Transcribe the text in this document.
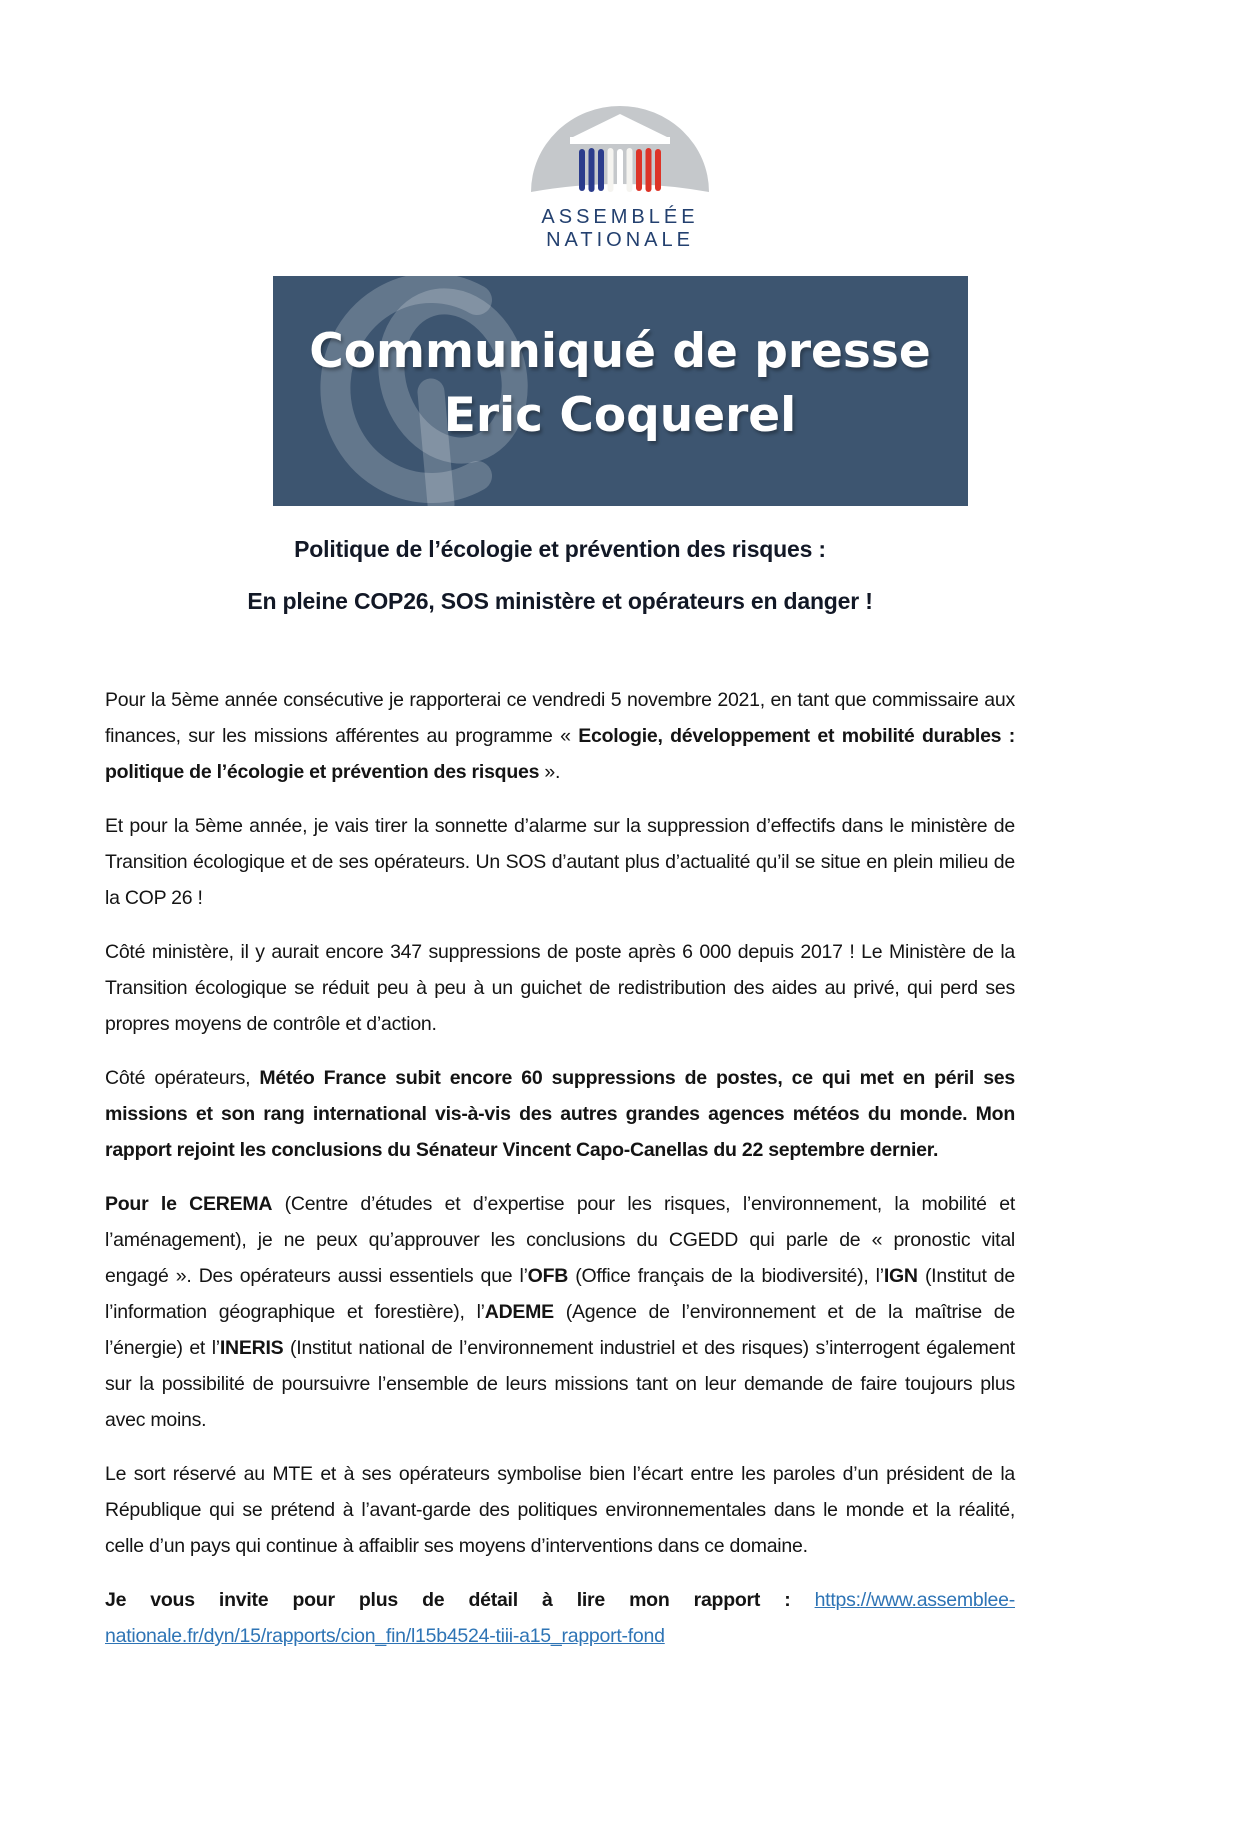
ASSEMBLÉE
NATIONALE
Communiqué de presse
Eric Coquerel
Politique de l’écologie et prévention des risques :
En pleine COP26, SOS ministère et opérateurs en danger !

Pour la 5ème année consécutive je rapporterai ce vendredi 5 novembre 2021, en tant que commissaire aux finances, sur les missions afférentes au programme « Ecologie, développement et mobilité durables : politique de l’écologie et prévention des risques ».

Et pour la 5ème année, je vais tirer la sonnette d’alarme sur la suppression d’effectifs dans le ministère de Transition écologique et de ses opérateurs. Un SOS d’autant plus d’actualité qu’il se situe en plein milieu de la COP 26 !

Côté ministère, il y aurait encore 347 suppressions de poste après 6 000 depuis 2017 ! Le Ministère de la Transition écologique se réduit peu à peu à un guichet de redistribution des aides au privé, qui perd ses propres moyens de contrôle et d’action.

Côté opérateurs, Météo France subit encore 60 suppressions de postes, ce qui met en péril ses missions et son rang international vis-à-vis des autres grandes agences météos du monde. Mon rapport rejoint les conclusions du Sénateur Vincent Capo-Canellas du 22 septembre dernier.

Pour le CEREMA (Centre d’études et d’expertise pour les risques, l’environnement, la mobilité et l’aménagement), je ne peux qu’approuver les conclusions du CGEDD qui parle de « pronostic vital engagé ». Des opérateurs aussi essentiels que l’OFB (Office français de la biodiversité), l’IGN (Institut de l’information géographique et forestière), l’ADEME (Agence de l’environnement et de la maîtrise de l’énergie) et l’INERIS (Institut national de l’environnement industriel et des risques) s’interrogent également sur la possibilité de poursuivre l’ensemble de leurs missions tant on leur demande de faire toujours plus avec moins.

Le sort réservé au MTE et à ses opérateurs symbolise bien l’écart entre les paroles d’un président de la République qui se prétend à l’avant-garde des politiques environnementales dans le monde et la réalité, celle d’un pays qui continue à affaiblir ses moyens d’interventions dans ce domaine.

Je vous invite pour plus de détail à lire mon rapport : https://www.assemblee-nationale.fr/dyn/15/rapports/cion_fin/l15b4524-tiii-a15_rapport-fond
